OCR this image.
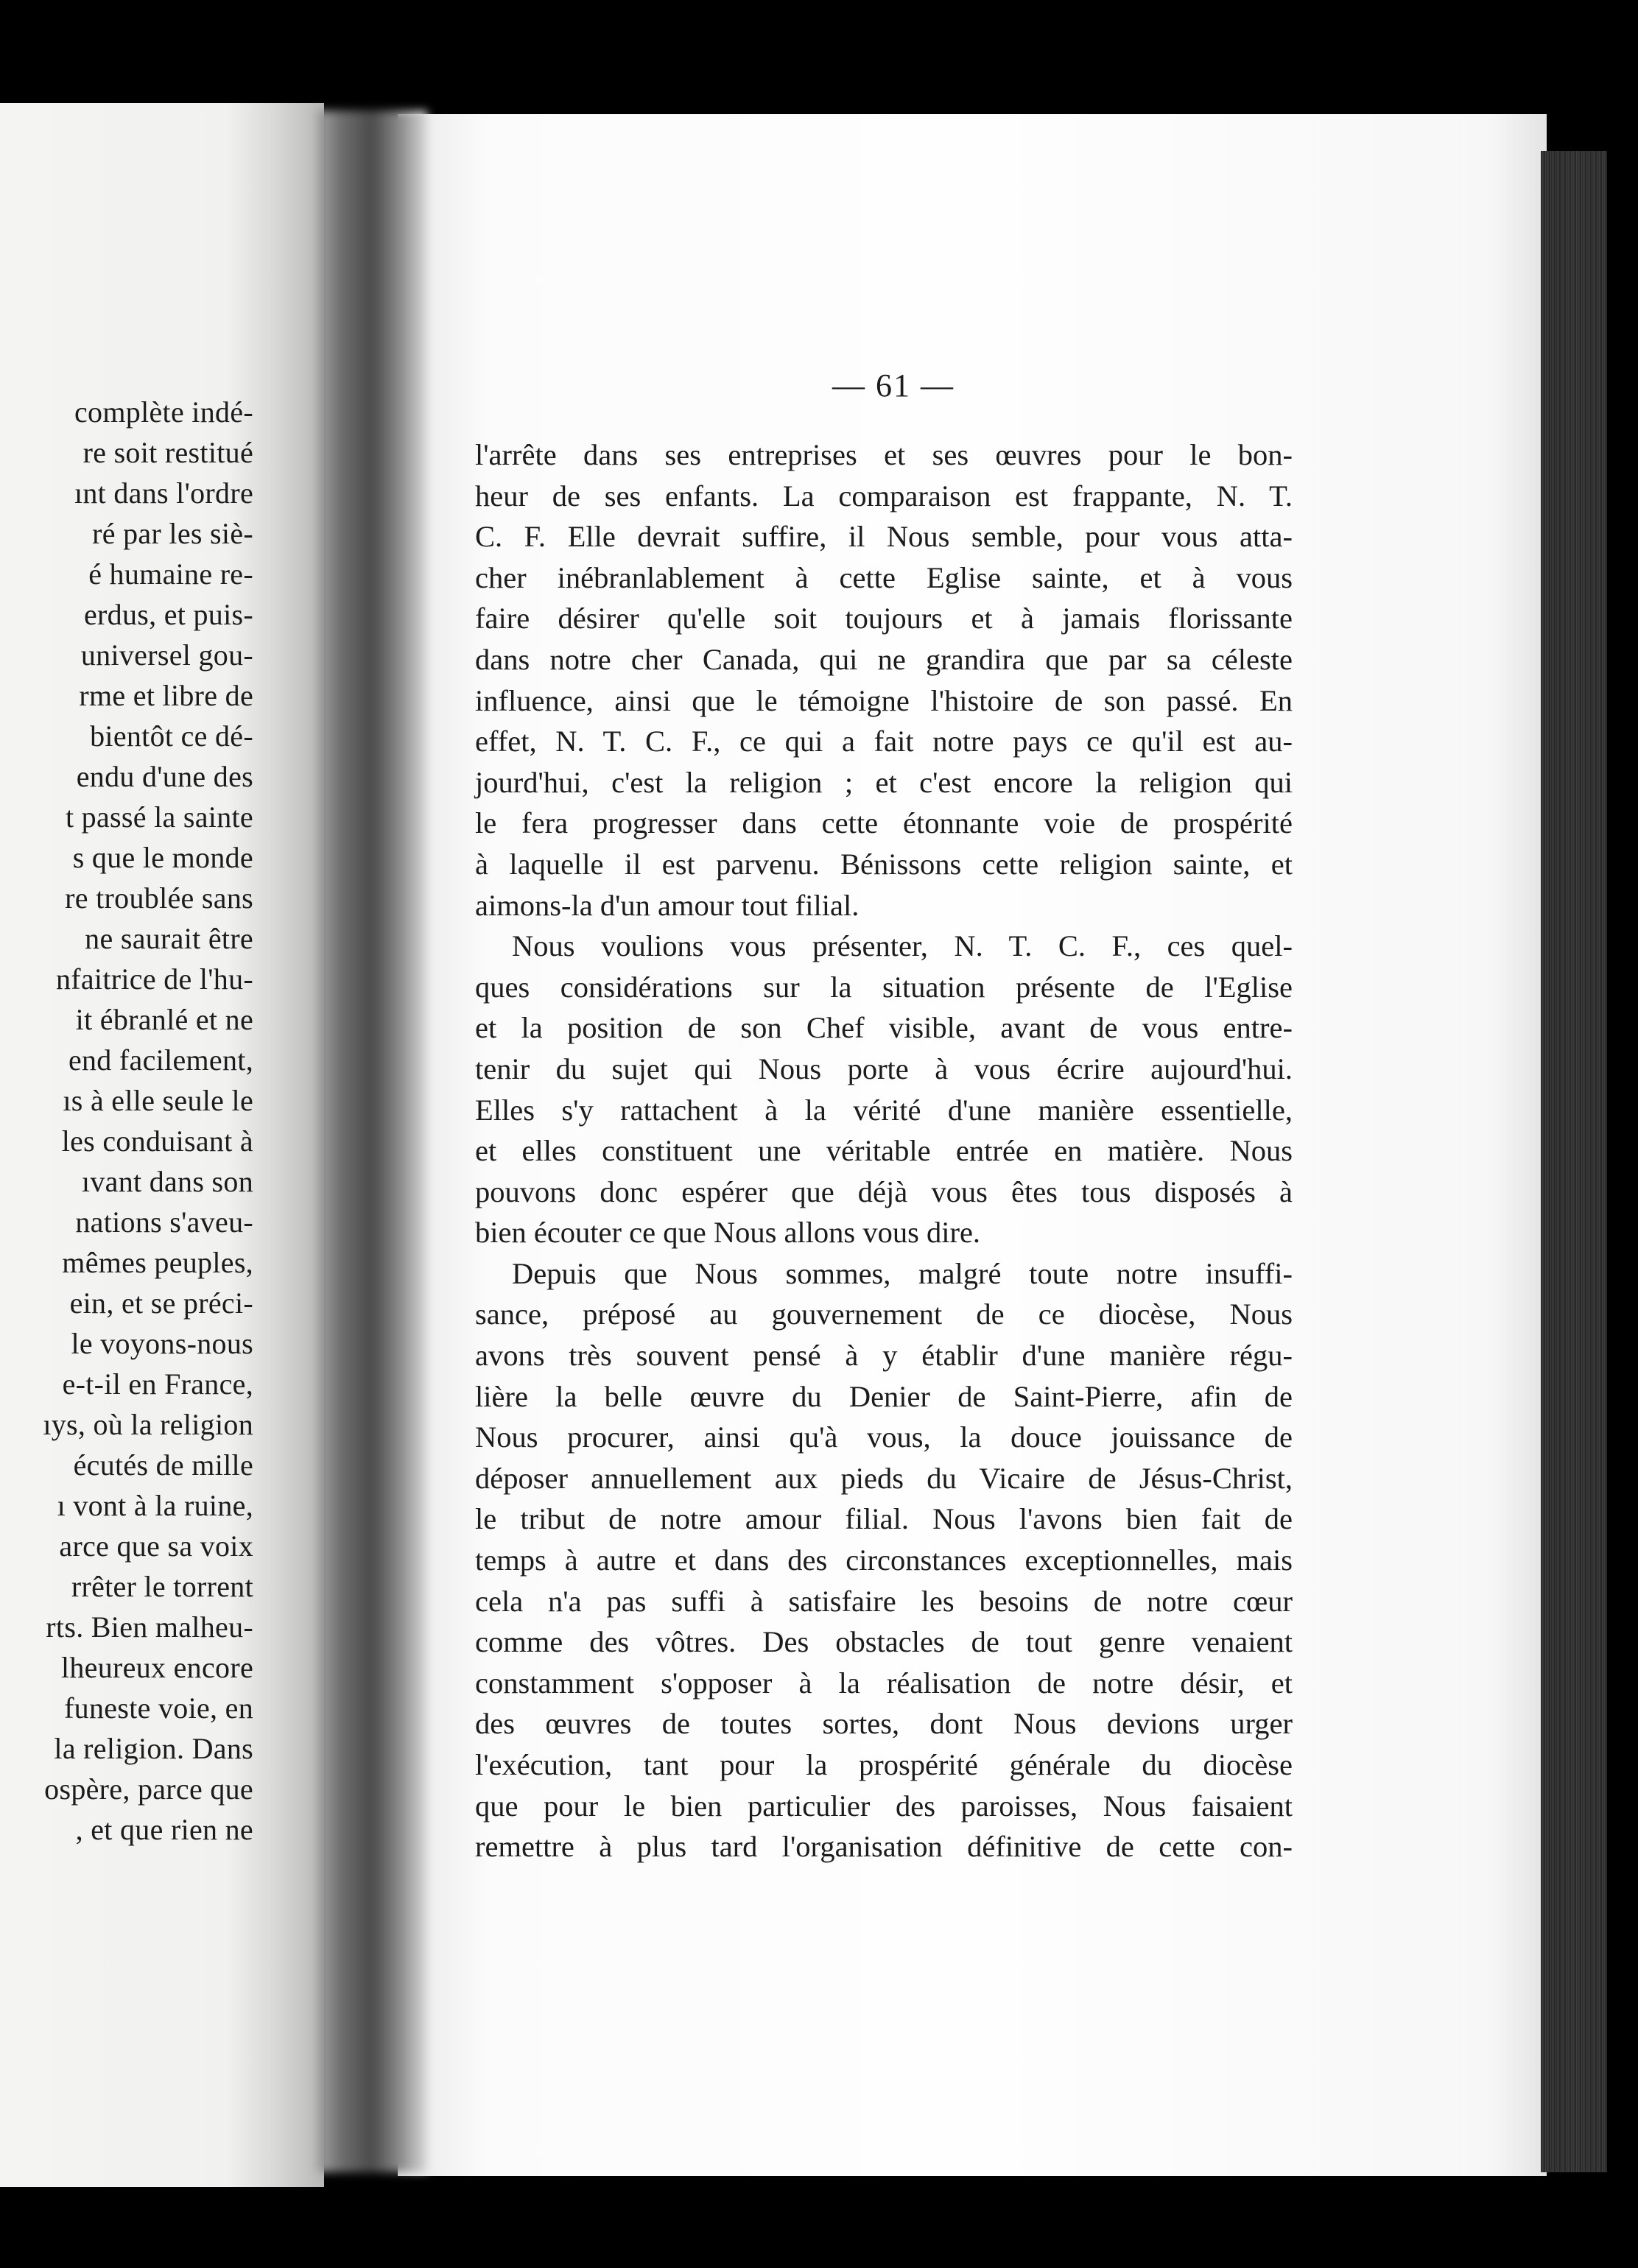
complète indé-
re soit restitué
ınt dans l'ordre
ré par les siè-
é humaine re-
erdus, et puis-
universel gou-
rme et libre de
bientôt ce dé-
endu d'une des
t passé la sainte
s que le monde
re troublée sans
ne saurait être
nfaitrice de l'hu-
it ébranlé et ne
end facilement,
ıs à elle seule le
les conduisant à
ıvant dans son
nations s'aveu-
mêmes peuples,
ein, et se préci-
le voyons-nous
e-t-il en France,
ıys, où la religion
écutés de mille
ı vont à la ruine,
arce que sa voix
rrêter le torrent
rts. Bien malheu-
lheureux encore
funeste voie, en
la religion. Dans
ospère, parce que
, et que rien ne
— 61 —
l'arrête dans ses entreprises et ses œuvres pour le bon-
heur de ses enfants. La comparaison est frappante, N. T.
C. F. Elle devrait suffire, il Nous semble, pour vous atta-
cher inébranlablement à cette Eglise sainte, et à vous
faire désirer qu'elle soit toujours et à jamais florissante
dans notre cher Canada, qui ne grandira que par sa céleste
influence, ainsi que le témoigne l'histoire de son passé. En
effet, N. T. C. F., ce qui a fait notre pays ce qu'il est au-
jourd'hui, c'est la religion ; et c'est encore la religion qui
le fera progresser dans cette étonnante voie de prospérité
à laquelle il est parvenu. Bénissons cette religion sainte, et
aimons-la d'un amour tout filial.
Nous voulions vous présenter, N. T. C. F., ces quel-
ques considérations sur la situation présente de l'Eglise
et la position de son Chef visible, avant de vous entre-
tenir du sujet qui Nous porte à vous écrire aujourd'hui.
Elles s'y rattachent à la vérité d'une manière essentielle,
et elles constituent une véritable entrée en matière. Nous
pouvons donc espérer que déjà vous êtes tous disposés à
bien écouter ce que Nous allons vous dire.
Depuis que Nous sommes, malgré toute notre insuffi-
sance, préposé au gouvernement de ce diocèse, Nous
avons très souvent pensé à y établir d'une manière régu-
lière la belle œuvre du Denier de Saint-Pierre, afin de
Nous procurer, ainsi qu'à vous, la douce jouissance de
déposer annuellement aux pieds du Vicaire de Jésus-Christ,
le tribut de notre amour filial. Nous l'avons bien fait de
temps à autre et dans des circonstances exceptionnelles, mais
cela n'a pas suffi à satisfaire les besoins de notre cœur
comme des vôtres. Des obstacles de tout genre venaient
constamment s'opposer à la réalisation de notre désir, et
des œuvres de toutes sortes, dont Nous devions urger
l'exécution, tant pour la prospérité générale du diocèse
que pour le bien particulier des paroisses, Nous faisaient
remettre à plus tard l'organisation définitive de cette con-
